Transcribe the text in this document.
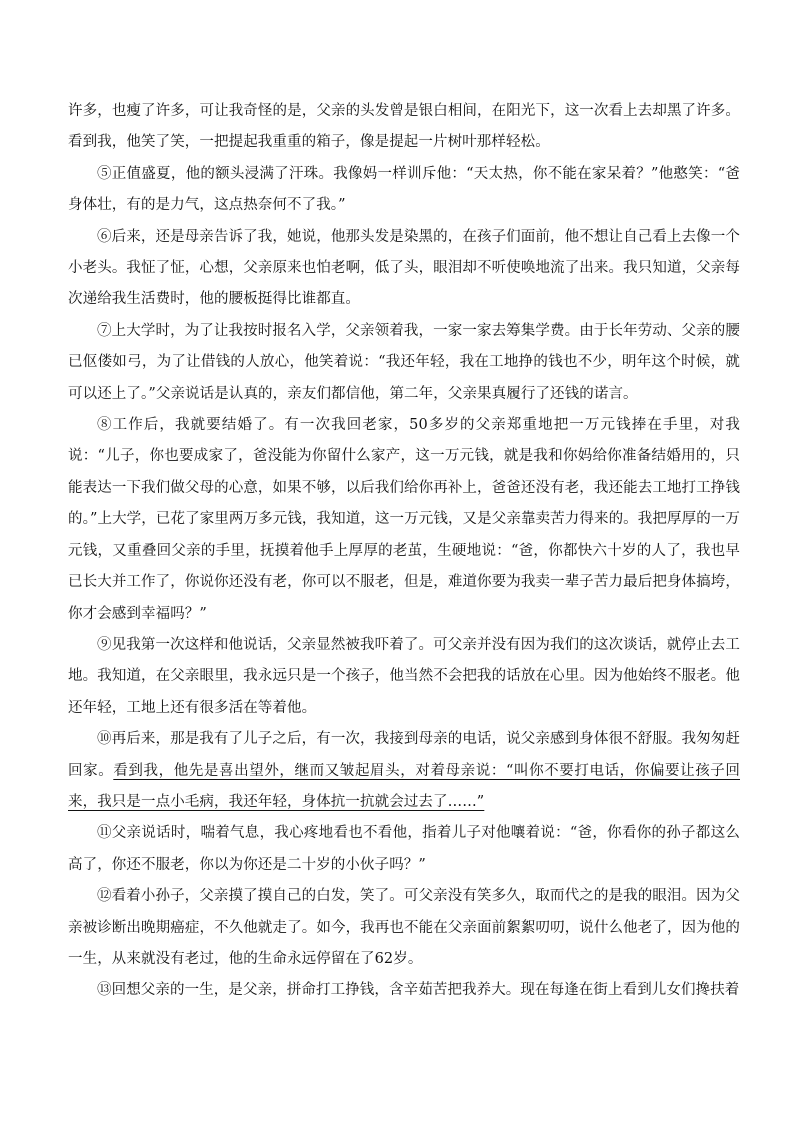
许多，也瘦了许多，可让我奇怪的是，父亲的头发曾是银白相间，在阳光下，这一次看上去却黑了许多。看到我，他笑了笑，一把提起我重重的箱子，像是提起一片树叶那样轻松。

⑤正值盛夏，他的额头浸满了汗珠。我像妈一样训斥他：“天太热，你不能在家呆着？”他憨笑：“爸身体壮，有的是力气，这点热奈何不了我。”

⑥后来，还是母亲告诉了我，她说，他那头发是染黑的，在孩子们面前，他不想让自己看上去像一个小老头。我怔了怔，心想，父亲原来也怕老啊，低了头，眼泪却不听使唤地流了出来。我只知道，父亲每次递给我生活费时，他的腰板挺得比谁都直。

⑦上大学时，为了让我按时报名入学，父亲领着我，一家一家去筹集学费。由于长年劳动、父亲的腰已伛偻如弓，为了让借钱的人放心，他笑着说：“我还年轻，我在工地挣的钱也不少，明年这个时候，就可以还上了。”父亲说话是认真的，亲友们都信他，第二年，父亲果真履行了还钱的诺言。

⑧工作后，我就要结婚了。有一次我回老家，50多岁的父亲郑重地把一万元钱捧在手里，对我说：“儿子，你也要成家了，爸没能为你留什么家产，这一万元钱，就是我和你妈给你准备结婚用的，只能表达一下我们做父母的心意，如果不够，以后我们给你再补上，爸爸还没有老，我还能去工地打工挣钱的。”上大学，已花了家里两万多元钱，我知道，这一万元钱，又是父亲靠卖苦力得来的。我把厚厚的一万元钱，又重叠回父亲的手里，抚摸着他手上厚厚的老茧，生硬地说：“爸，你都快六十岁的人了，我也早已长大并工作了，你说你还没有老，你可以不服老，但是，难道你要为我卖一辈子苦力最后把身体搞垮，你才会感到幸福吗？”

⑨见我第一次这样和他说话，父亲显然被我吓着了。可父亲并没有因为我们的这次谈话，就停止去工地。我知道，在父亲眼里，我永远只是一个孩子，他当然不会把我的话放在心里。因为他始终不服老。他还年轻，工地上还有很多活在等着他。

⑩再后来，那是我有了儿子之后，有一次，我接到母亲的电话，说父亲感到身体很不舒服。我匆匆赶回家。看到我，他先是喜出望外，继而又皱起眉头，对着母亲说：“叫你不要打电话，你偏要让孩子回来，我只是一点小毛病，我还年轻，身体抗一抗就会过去了……”

⑪父亲说话时，喘着气息，我心疼地看也不看他，指着儿子对他嚷着说：“爸，你看你的孙子都这么高了，你还不服老，你以为你还是二十岁的小伙子吗？”

⑫看着小孙子，父亲摸了摸自己的白发，笑了。可父亲没有笑多久，取而代之的是我的眼泪。因为父亲被诊断出晚期癌症，不久他就走了。如今，我再也不能在父亲面前絮絮叨叨，说什么他老了，因为他的一生，从来就没有老过，他的生命永远停留在了62岁。

⑬回想父亲的一生，是父亲，拼命打工挣钱，含辛茹苦把我养大。现在每逢在街上看到儿女们搀扶着
